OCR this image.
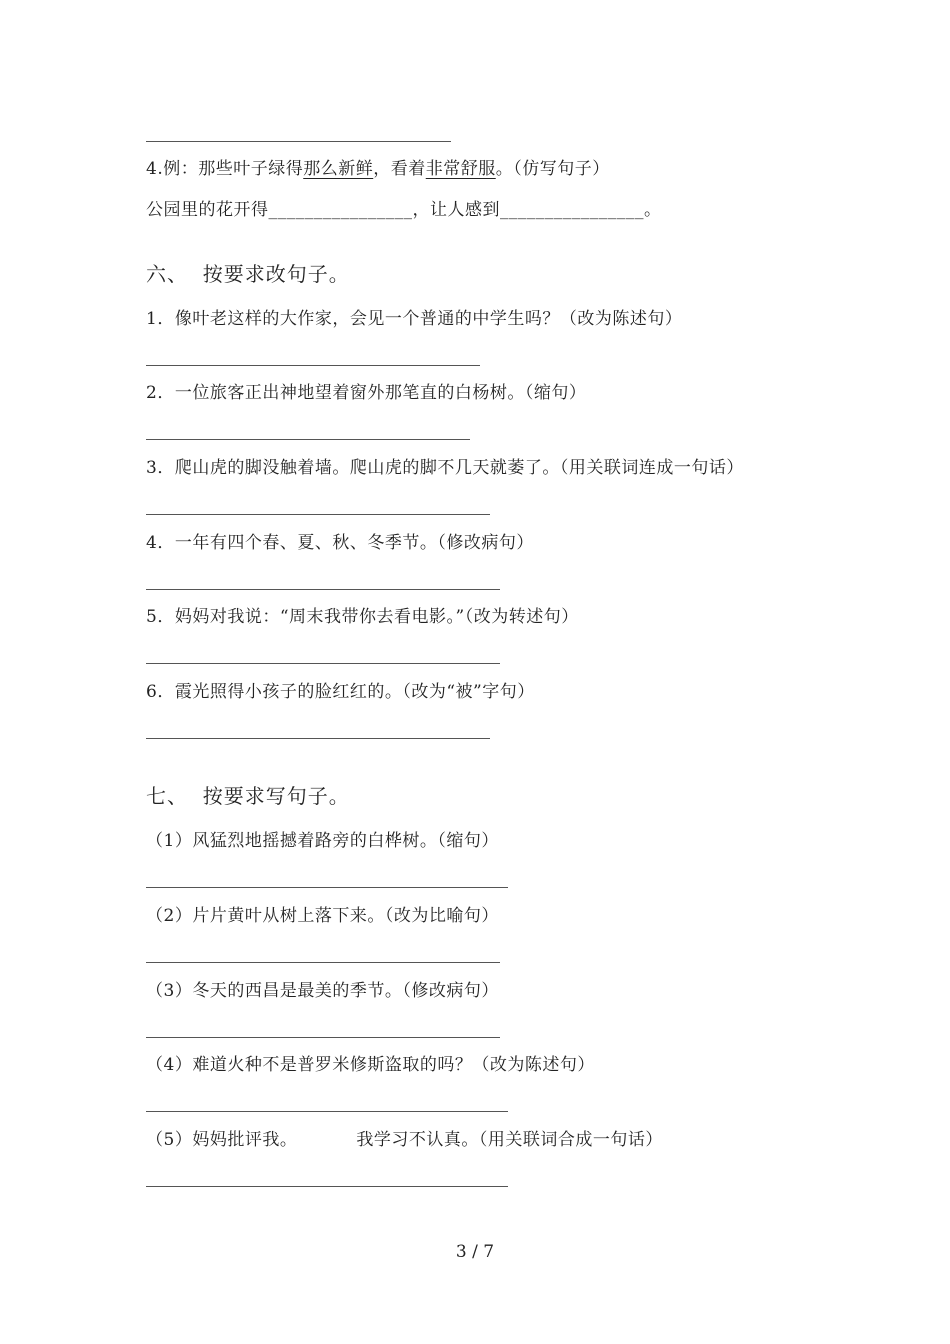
4.例：那些叶子绿得那么新鲜，看着非常舒服。（仿写句子）
公园里的花开得________________，让人感到________________。
六、  按要求改句子。
1．像叶老这样的大作家，会见一个普通的中学生吗？（改为陈述句）
2．一位旅客正出神地望着窗外那笔直的白杨树。（缩句）
3．爬山虎的脚没触着墙。爬山虎的脚不几天就萎了。（用关联词连成一句话）
4．一年有四个春、夏、秋、冬季节。（修改病句）
5．妈妈对我说：“周末我带你去看电影。”（改为转述句）
6．霞光照得小孩子的脸红红的。（改为“被”字句）
七、  按要求写句子。
（1）风猛烈地摇撼着路旁的白桦树。（缩句）
（2）片片黄叶从树上落下来。（改为比喻句）
（3）冬天的西昌是最美的季节。（修改病句）
（4）难道火种不是普罗米修斯盗取的吗？（改为陈述句）
（5）妈妈批评我。          我学习不认真。（用关联词合成一句话）
3 / 7
